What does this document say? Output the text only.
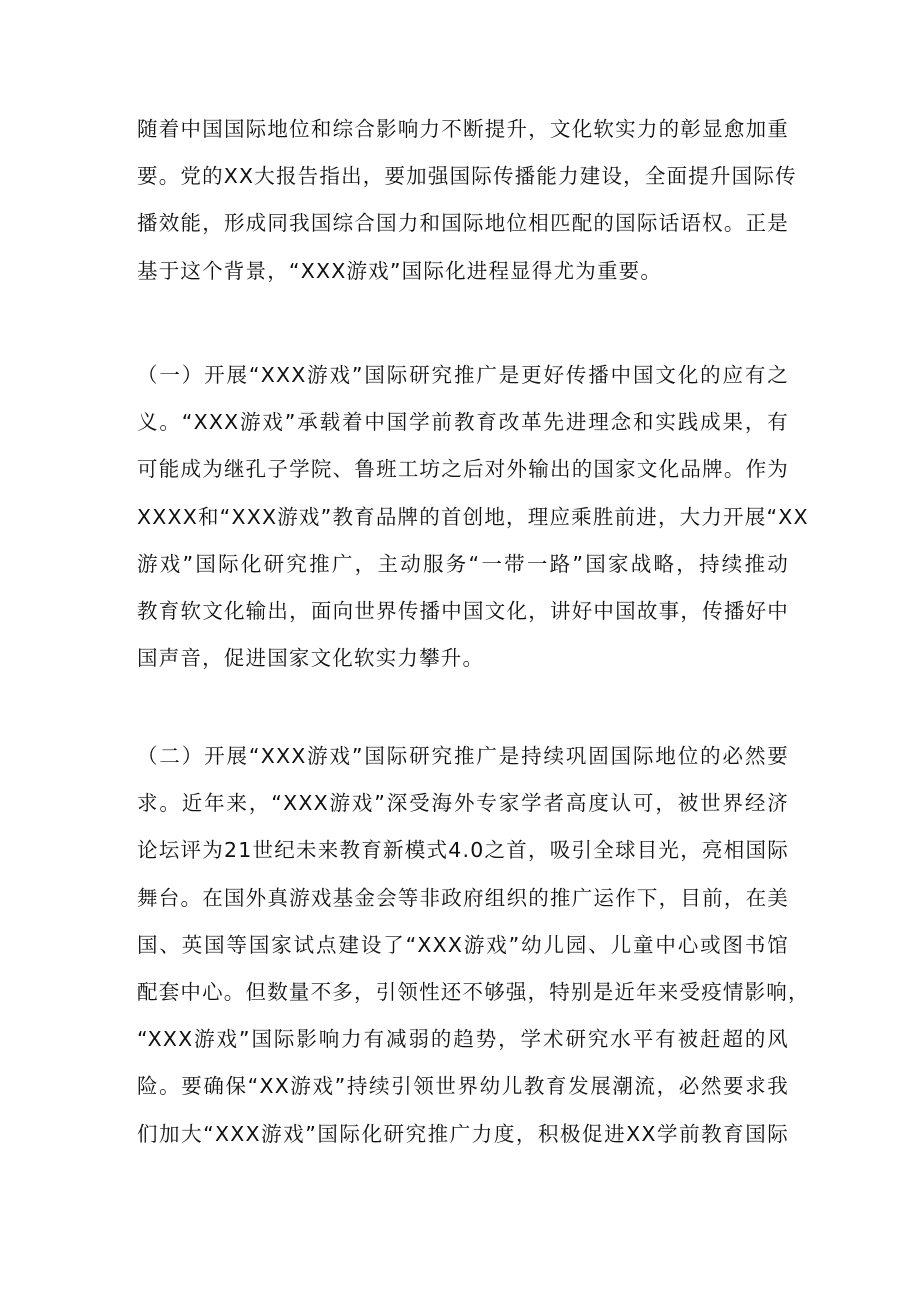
随着中国国际地位和综合影响力不断提升，文化软实力的彰显愈加重
要。党的XX大报告指出，要加强国际传播能力建设，全面提升国际传
播效能，形成同我国综合国力和国际地位相匹配的国际话语权。正是
基于这个背景，“XXX游戏”国际化进程显得尤为重要。

（一）开展“XXX游戏”国际研究推广是更好传播中国文化的应有之
义。“XXX游戏”承载着中国学前教育改革先进理念和实践成果，有
可能成为继孔子学院、鲁班工坊之后对外输出的国家文化品牌。作为
XXXX和“XXX游戏”教育品牌的首创地，理应乘胜前进，大力开展“XX
游戏”国际化研究推广，主动服务“一带一路”国家战略，持续推动
教育软文化输出，面向世界传播中国文化，讲好中国故事，传播好中
国声音，促进国家文化软实力攀升。

（二）开展“XXX游戏”国际研究推广是持续巩固国际地位的必然要
求。近年来，“XXX游戏”深受海外专家学者高度认可，被世界经济
论坛评为21世纪未来教育新模式4.0之首，吸引全球目光，亮相国际
舞台。在国外真游戏基金会等非政府组织的推广运作下，目前，在美
国、英国等国家试点建设了“XXX游戏”幼儿园、儿童中心或图书馆
配套中心。但数量不多，引领性还不够强，特别是近年来受疫情影响，
“XXX游戏”国际影响力有减弱的趋势，学术研究水平有被赶超的风
险。要确保“XX游戏”持续引领世界幼儿教育发展潮流，必然要求我
们加大“XXX游戏”国际化研究推广力度，积极促进XX学前教育国际
